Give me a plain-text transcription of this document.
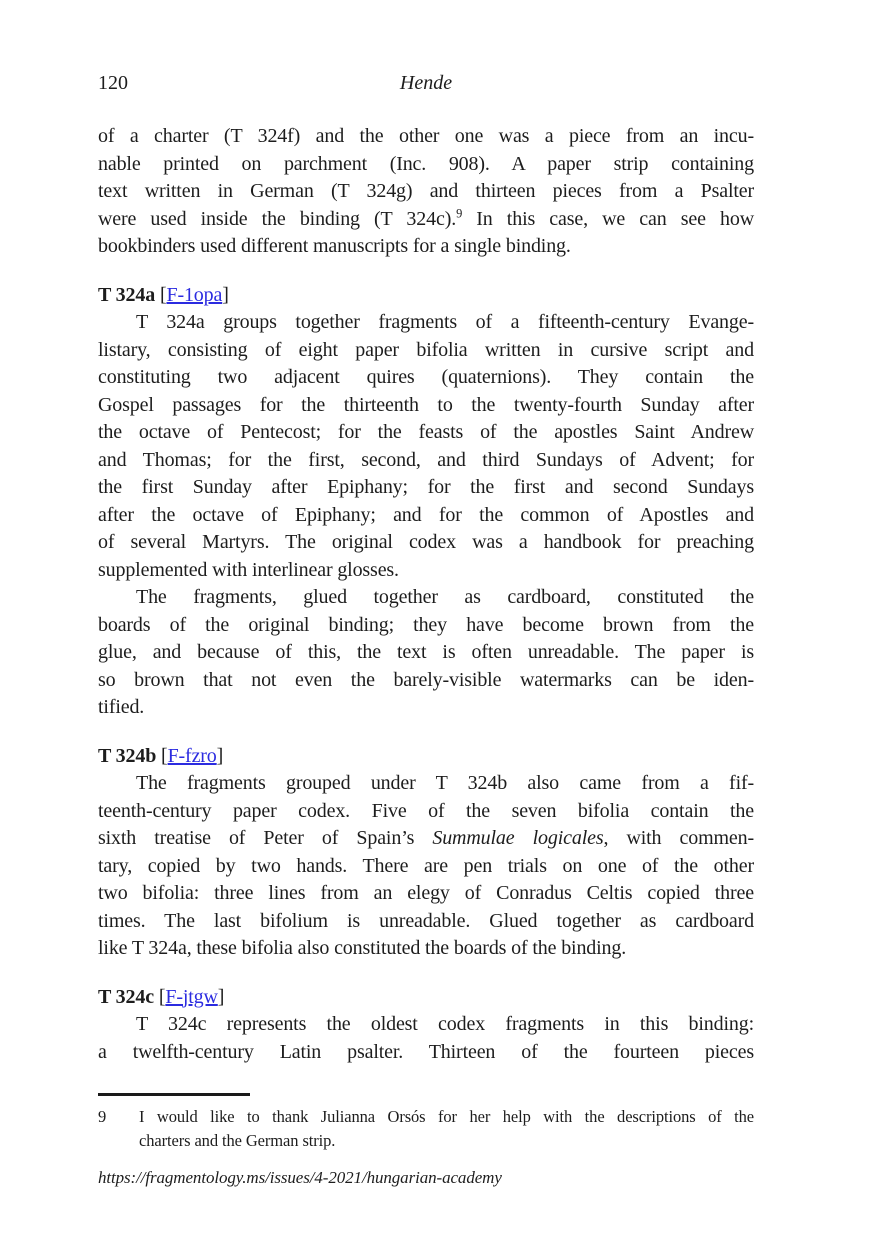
120	Hende
of a charter (T 324f) and the other one was a piece from an incu-
nable printed on parchment (Inc. 908). A paper strip containing
text written in German (T 324g) and thirteen pieces from a Psalter
were used inside the binding (T 324c).$^9$ In this case, we can see how
bookbinders used different manuscripts for a single binding.
T 324a [F-1opa]
T 324a groups together fragments of a fifteenth-century Evange-
listary, consisting of eight paper bifolia written in cursive script and
constituting two adjacent quires (quaternions). They contain the
Gospel passages for the thirteenth to the twenty-fourth Sunday after
the octave of Pentecost; for the feasts of the apostles Saint Andrew
and Thomas; for the first, second, and third Sundays of Advent; for
the first Sunday after Epiphany; for the first and second Sundays
after the octave of Epiphany; and for the common of Apostles and
of several Martyrs. The original codex was a handbook for preaching
supplemented with interlinear glosses.
The fragments, glued together as cardboard, constituted the
boards of the original binding; they have become brown from the
glue, and because of this, the text is often unreadable. The paper is
so brown that not even the barely-visible watermarks can be iden-
tified.
T 324b [F-fzro]
The fragments grouped under T 324b also came from a fif-
teenth-century paper codex. Five of the seven bifolia contain the
sixth treatise of Peter of Spain’s Summulae logicales, with commen-
tary, copied by two hands. There are pen trials on one of the other
two bifolia: three lines from an elegy of Conradus Celtis copied three
times. The last bifolium is unreadable. Glued together as cardboard
like T 324a, these bifolia also constituted the boards of the binding.
T 324c [F-jtgw]
T 324c represents the oldest codex fragments in this binding:
a twelfth-century Latin psalter. Thirteen of the fourteen pieces
9	I would like to thank Julianna Orsós for her help with the descriptions of the
charters and the German strip.
https://fragmentology.ms/issues/4-2021/hungarian-academy
